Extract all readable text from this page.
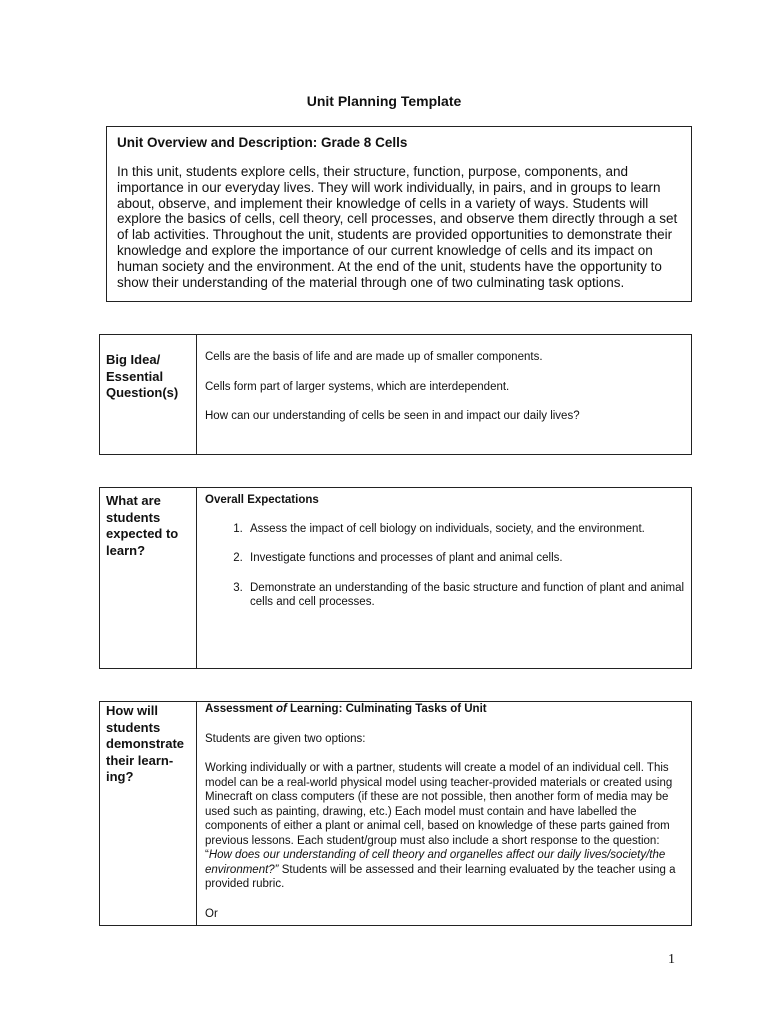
Unit Planning Template

Unit Overview and Description: Grade 8 Cells

In this unit, students explore cells, their structure, function, purpose, components, and importance in our everyday lives. They will work individually, in pairs, and in groups to learn about, observe, and implement their knowledge of cells in a variety of ways. Students will explore the basics of cells, cell theory, cell processes, and observe them directly through a set of lab activities. Throughout the unit, students are provided opportunities to demonstrate their knowledge and explore the importance of our current knowledge of cells and its impact on human society and the environment. At the end of the unit, students have the opportunity to show their understanding of the material through one of two culminating task options.

Big Idea/ Essential Question(s)

Cells are the basis of life and are made up of smaller components.

Cells form part of larger systems, which are interdependent.

How can our understanding of cells be seen in and impact our daily lives?

What are students expected to learn?

Overall Expectations

1. Assess the impact of cell biology on individuals, society, and the environment.
2. Investigate functions and processes of plant and animal cells.
3. Demonstrate an understanding of the basic structure and function of plant and animal cells and cell processes.
How will students demonstrate their learn-ing?

Assessment of Learning: Culminating Tasks of Unit

Students are given two options:

Working individually or with a partner, students will create a model of an individual cell. This model can be a real-world physical model using teacher-provided materials or created using Minecraft on class computers (if these are not possible, then another form of media may be used such as painting, drawing, etc.) Each model must contain and have labelled the components of either a plant or animal cell, based on knowledge of these parts gained from previous lessons. Each student/group must also include a short response to the question: “How does our understanding of cell theory and organelles affect our daily lives/society/the environment?” Students will be assessed and their learning evaluated by the teacher using a provided rubric.

Or

1
